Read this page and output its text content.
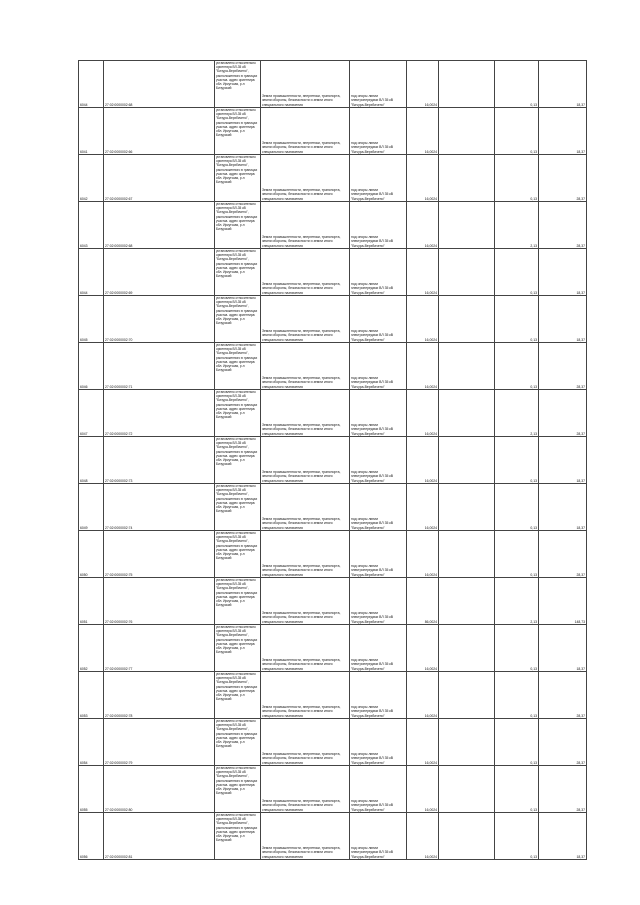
6044	27:02:0000002:68	установлено относительно ориентира ВЛ-35 кВ "Бичура-Верхбичено", расположенного в границах участка. адрес ориентира: обл. Иркутская, р-н Бичурский	Земли промышленности, энергетики, транспорта, земли обороны, безопасности и земли иного специального назначения	под опоры линии электропередачи ВЛ 35 кВ "Бичура-Верхбичено"	16,0024		0,13	18,37
6041	27:02:0000002:66	установлено относительно ориентира ВЛ-35 кВ "Бичура-Верхбичено", расположенного в границах участка. адрес ориентира: обл. Иркутская, р-н Бичурский	Земли промышленности, энергетики, транспорта, земли обороны, безопасности и земли иного специального назначения	под опоры линии электропередачи ВЛ 35 кВ "Бичура-Верхбичено"	16,0024		0,13	18,37
6042	27:02:0000002:67	установлено относительно ориентира ВЛ-35 кВ "Бичура-Верхбичено", расположенного в границах участка. адрес ориентира: обл. Иркутская, р-н Бичурский	Земли промышленности, энергетики, транспорта, земли обороны, безопасности и земли иного специального назначения	под опоры линии электропередачи ВЛ 35 кВ "Бичура-Верхбичено"	16,0024		0,13	28,37
6043	27:02:0000002:68	установлено относительно ориентира ВЛ-35 кВ "Бичура-Верхбичено", расположенного в границах участка. адрес ориентира: обл. Иркутская, р-н Бичурский	Земли промышленности, энергетики, транспорта, земли обороны, безопасности и земли иного специального назначения	под опоры линии электропередачи ВЛ 35 кВ "Бичура-Верхбичено"	16,0024		2,13	28,37
6044	27:02:0000002:69	установлено относительно ориентира ВЛ-35 кВ "Бичура-Верхбичено", расположенного в границах участка. адрес ориентира: обл. Иркутская, р-н Бичурский	Земли промышленности, энергетики, транспорта, земли обороны, безопасности и земли иного специального назначения	под опоры линии электропередачи ВЛ 35 кВ "Бичура-Верхбичено"	16,0024		0,13	18,37
6045	27:02:0000002:70	установлено относительно ориентира ВЛ-35 кВ "Бичура-Верхбичено", расположенного в границах участка. адрес ориентира: обл. Иркутская, р-н Бичурский	Земли промышленности, энергетики, транспорта, земли обороны, безопасности и земли иного специального назначения	под опоры линии электропередачи ВЛ 35 кВ "Бичура-Верхбичено"	16,0024		0,13	18,37
6046	27:02:0000002:71	установлено относительно ориентира ВЛ-35 кВ "Бичура-Верхбичено", расположенного в границах участка. адрес ориентира: обл. Иркутская, р-н Бичурский	Земли промышленности, энергетики, транспорта, земли обороны, безопасности и земли иного специального назначения	под опоры линии электропередачи ВЛ 35 кВ "Бичура-Верхбичено"	16,0024		0,13	28,37
6047	27:02:0000002:72	установлено относительно ориентира ВЛ-35 кВ "Бичура-Верхбичено", расположенного в границах участка. адрес ориентира: обл. Иркутская, р-н Бичурский	Земли промышленности, энергетики, транспорта, земли обороны, безопасности и земли иного специального назначения	под опоры линии электропередачи ВЛ 35 кВ "Бичура-Верхбичено"	16,0024		2,13	28,37
6048	27:02:0000002:73	установлено относительно ориентира ВЛ-35 кВ "Бичура-Верхбичено", расположенного в границах участка. адрес ориентира: обл. Иркутская, р-н Бичурский	Земли промышленности, энергетики, транспорта, земли обороны, безопасности и земли иного специального назначения	под опоры линии электропередачи ВЛ 35 кВ "Бичура-Верхбичено"	16,0024		0,13	18,37
6049	27:02:0000002:74	установлено относительно ориентира ВЛ-35 кВ "Бичура-Верхбичено", расположенного в границах участка. адрес ориентира: обл. Иркутская, р-н Бичурский	Земли промышленности, энергетики, транспорта, земли обороны, безопасности и земли иного специального назначения	под опоры линии электропередачи ВЛ 35 кВ "Бичура-Верхбичено"	16,0024		0,13	18,37
6050	27:02:0000002:75	установлено относительно ориентира ВЛ-35 кВ "Бичура-Верхбичено", расположенного в границах участка. адрес ориентира: обл. Иркутская, р-н Бичурский	Земли промышленности, энергетики, транспорта, земли обороны, безопасности и земли иного специального назначения	под опоры линии электропередачи ВЛ 35 кВ "Бичура-Верхбичено"	16,0024		0,13	28,37
6051	27:02:0000002:76	установлено относительно ориентира ВЛ-35 кВ "Бичура-Верхбичено", расположенного в границах участка. адрес ориентира: обл. Иркутская, р-н Бичурский	Земли промышленности, энергетики, транспорта, земли обороны, безопасности и земли иного специального назначения	под опоры линии электропередачи ВЛ 35 кВ "Бичура-Верхбичено"	86,0024		2,13	148,73
6052	27:02:0000002:77	установлено относительно ориентира ВЛ-35 кВ "Бичура-Верхбичено", расположенного в границах участка. адрес ориентира: обл. Иркутская, р-н Бичурский	Земли промышленности, энергетики, транспорта, земли обороны, безопасности и земли иного специального назначения	под опоры линии электропередачи ВЛ 35 кВ "Бичура-Верхбичено"	16,0024		0,13	18,37
6053	27:02:0000002:78	установлено относительно ориентира ВЛ-35 кВ "Бичура-Верхбичено", расположенного в границах участка. адрес ориентира: обл. Иркутская, р-н Бичурский	Земли промышленности, энергетики, транспорта, земли обороны, безопасности и земли иного специального назначения	под опоры линии электропередачи ВЛ 35 кВ "Бичура-Верхбичено"	16,0024		0,13	28,37
6054	27:02:0000002:79	установлено относительно ориентира ВЛ-35 кВ "Бичура-Верхбичено", расположенного в границах участка. адрес ориентира: обл. Иркутская, р-н Бичурский	Земли промышленности, энергетики, транспорта, земли обороны, безопасности и земли иного специального назначения	под опоры линии электропередачи ВЛ 35 кВ "Бичура-Верхбичено"	16,0024		0,13	28,37
6055	27:02:0000002:80	установлено относительно ориентира ВЛ-35 кВ "Бичура-Верхбичено", расположенного в границах участка. адрес ориентира: обл. Иркутская, р-н Бичурский	Земли промышленности, энергетики, транспорта, земли обороны, безопасности и земли иного специального назначения	под опоры линии электропередачи ВЛ 35 кВ "Бичура-Верхбичено"	16,0024		0,13	28,37
6056	27:02:0000002:81	установлено относительно ориентира ВЛ-35 кВ "Бичура-Верхбичено", расположенного в границах участка. адрес ориентира: обл. Иркутская, р-н Бичурский	Земли промышленности, энергетики, транспорта, земли обороны, безопасности и земли иного специального назначения	под опоры линии электропередачи ВЛ 35 кВ "Бичура-Верхбичено"	16,0024		0,13	18,37
